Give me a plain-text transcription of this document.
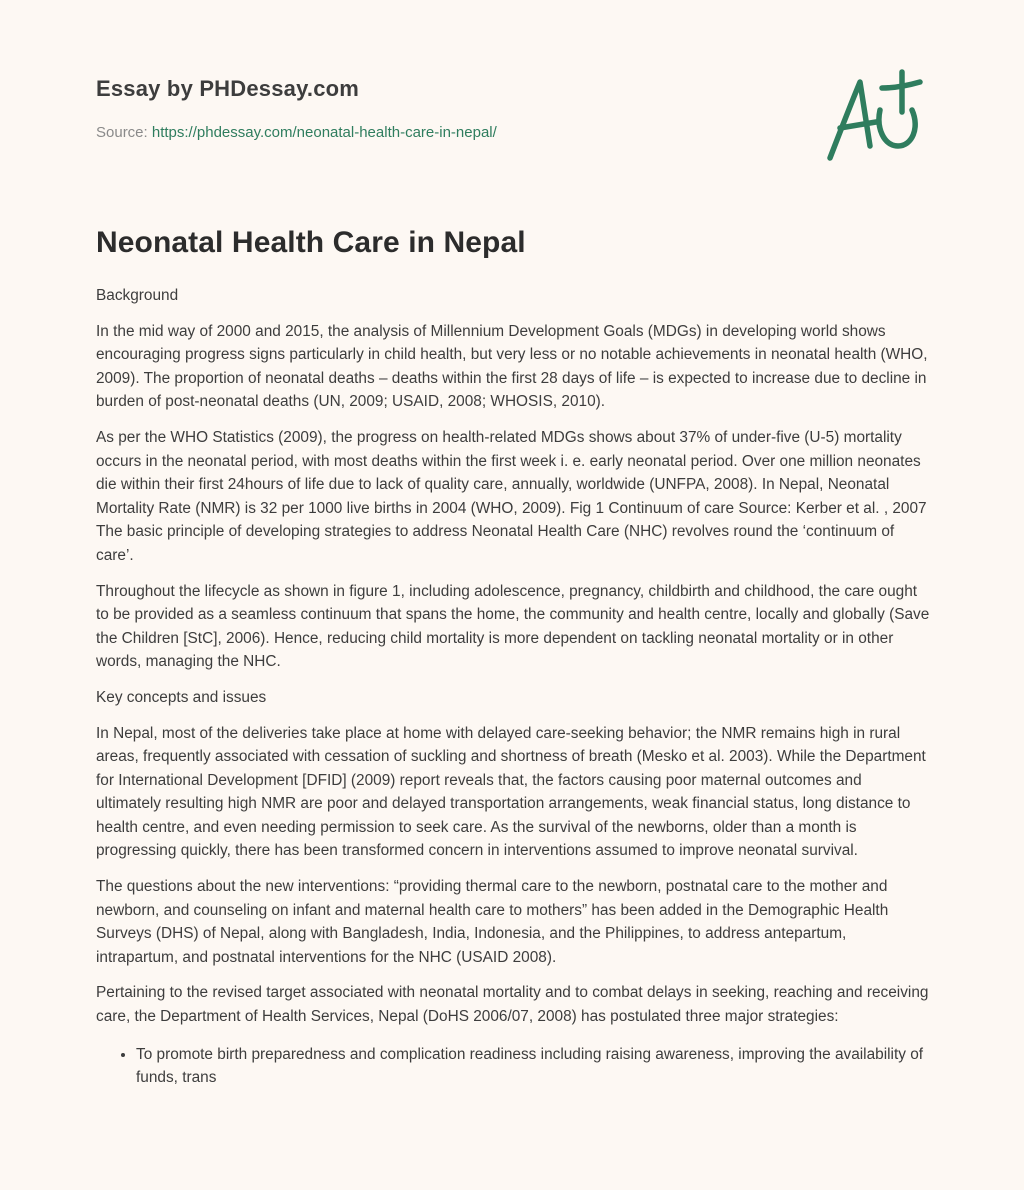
Essay by PHDessay.com

Source: https://phdessay.com/neonatal-health-care-in-nepal/

Neonatal Health Care in Nepal

Background

In the mid way of 2000 and 2015, the analysis of Millennium Development Goals (MDGs) in developing world shows encouraging progress signs particularly in child health, but very less or no notable achievements in neonatal health (WHO, 2009). The proportion of neonatal deaths – deaths within the first 28 days of life – is expected to increase due to decline in burden of post-neonatal deaths (UN, 2009; USAID, 2008; WHOSIS, 2010).

As per the WHO Statistics (2009), the progress on health-related MDGs shows about 37% of under-five (U-5) mortality occurs in the neonatal period, with most deaths within the first week i. e. early neonatal period. Over one million neonates die within their first 24hours of life due to lack of quality care, annually, worldwide (UNFPA, 2008). In Nepal, Neonatal Mortality Rate (NMR) is 32 per 1000 live births in 2004 (WHO, 2009). Fig 1 Continuum of care Source: Kerber et al. , 2007 The basic principle of developing strategies to address Neonatal Health Care (NHC) revolves round the ‘continuum of care’.

Throughout the lifecycle as shown in figure 1, including adolescence, pregnancy, childbirth and childhood, the care ought to be provided as a seamless continuum that spans the home, the community and health centre, locally and globally (Save the Children [StC], 2006). Hence, reducing child mortality is more dependent on tackling neonatal mortality or in other words, managing the NHC.

Key concepts and issues

In Nepal, most of the deliveries take place at home with delayed care-seeking behavior; the NMR remains high in rural areas, frequently associated with cessation of suckling and shortness of breath (Mesko et al. 2003). While the Department for International Development [DFID] (2009) report reveals that, the factors causing poor maternal outcomes and ultimately resulting high NMR are poor and delayed transportation arrangements, weak financial status, long distance to health centre, and even needing permission to seek care. As the survival of the newborns, older than a month is progressing quickly, there has been transformed concern in interventions assumed to improve neonatal survival.

The questions about the new interventions: “providing thermal care to the newborn, postnatal care to the mother and newborn, and counseling on infant and maternal health care to mothers” has been added in the Demographic Health Surveys (DHS) of Nepal, along with Bangladesh, India, Indonesia, and the Philippines, to address antepartum, intrapartum, and postnatal interventions for the NHC (USAID 2008).

Pertaining to the revised target associated with neonatal mortality and to combat delays in seeking, reaching and receiving care, the Department of Health Services, Nepal (DoHS 2006/07, 2008) has postulated three major strategies:

• To promote birth preparedness and complication readiness including raising awareness, improving the availability of funds, trans
